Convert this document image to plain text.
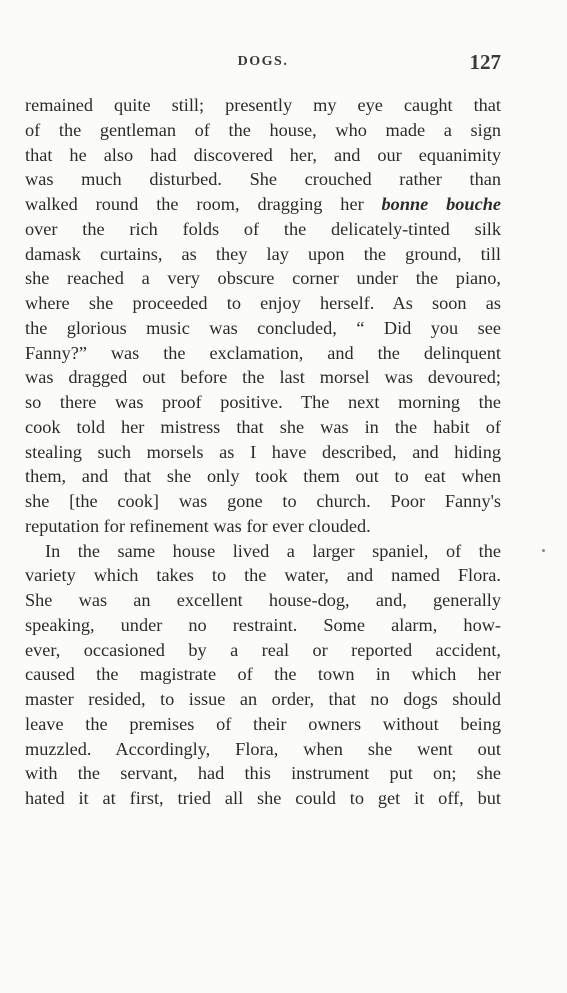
DOGS.	127
remained quite still; presently my eye caught that
of the gentleman of the house, who made a sign
that he also had discovered her, and our equanimity
was much disturbed. She crouched rather than
walked round the room, dragging her bonne bouche
over the rich folds of the delicately-tinted silk
damask curtains, as they lay upon the ground, till
she reached a very obscure corner under the piano,
where she proceeded to enjoy herself. As soon as
the glorious music was concluded, “ Did you see
Fanny?” was the exclamation, and the delinquent
was dragged out before the last morsel was devoured;
so there was proof positive. The next morning the
cook told her mistress that she was in the habit of
stealing such morsels as I have described, and hiding
them, and that she only took them out to eat when
she [the cook] was gone to church. Poor Fanny's
reputation for refinement was for ever clouded.
In the same house lived a larger spaniel, of the
variety which takes to the water, and named Flora.
She was an excellent house-dog, and, generally
speaking, under no restraint. Some alarm, how-
ever, occasioned by a real or reported accident,
caused the magistrate of the town in which her
master resided, to issue an order, that no dogs should
leave the premises of their owners without being
muzzled. Accordingly, Flora, when she went out
with the servant, had this instrument put on; she
hated it at first, tried all she could to get it off, but
